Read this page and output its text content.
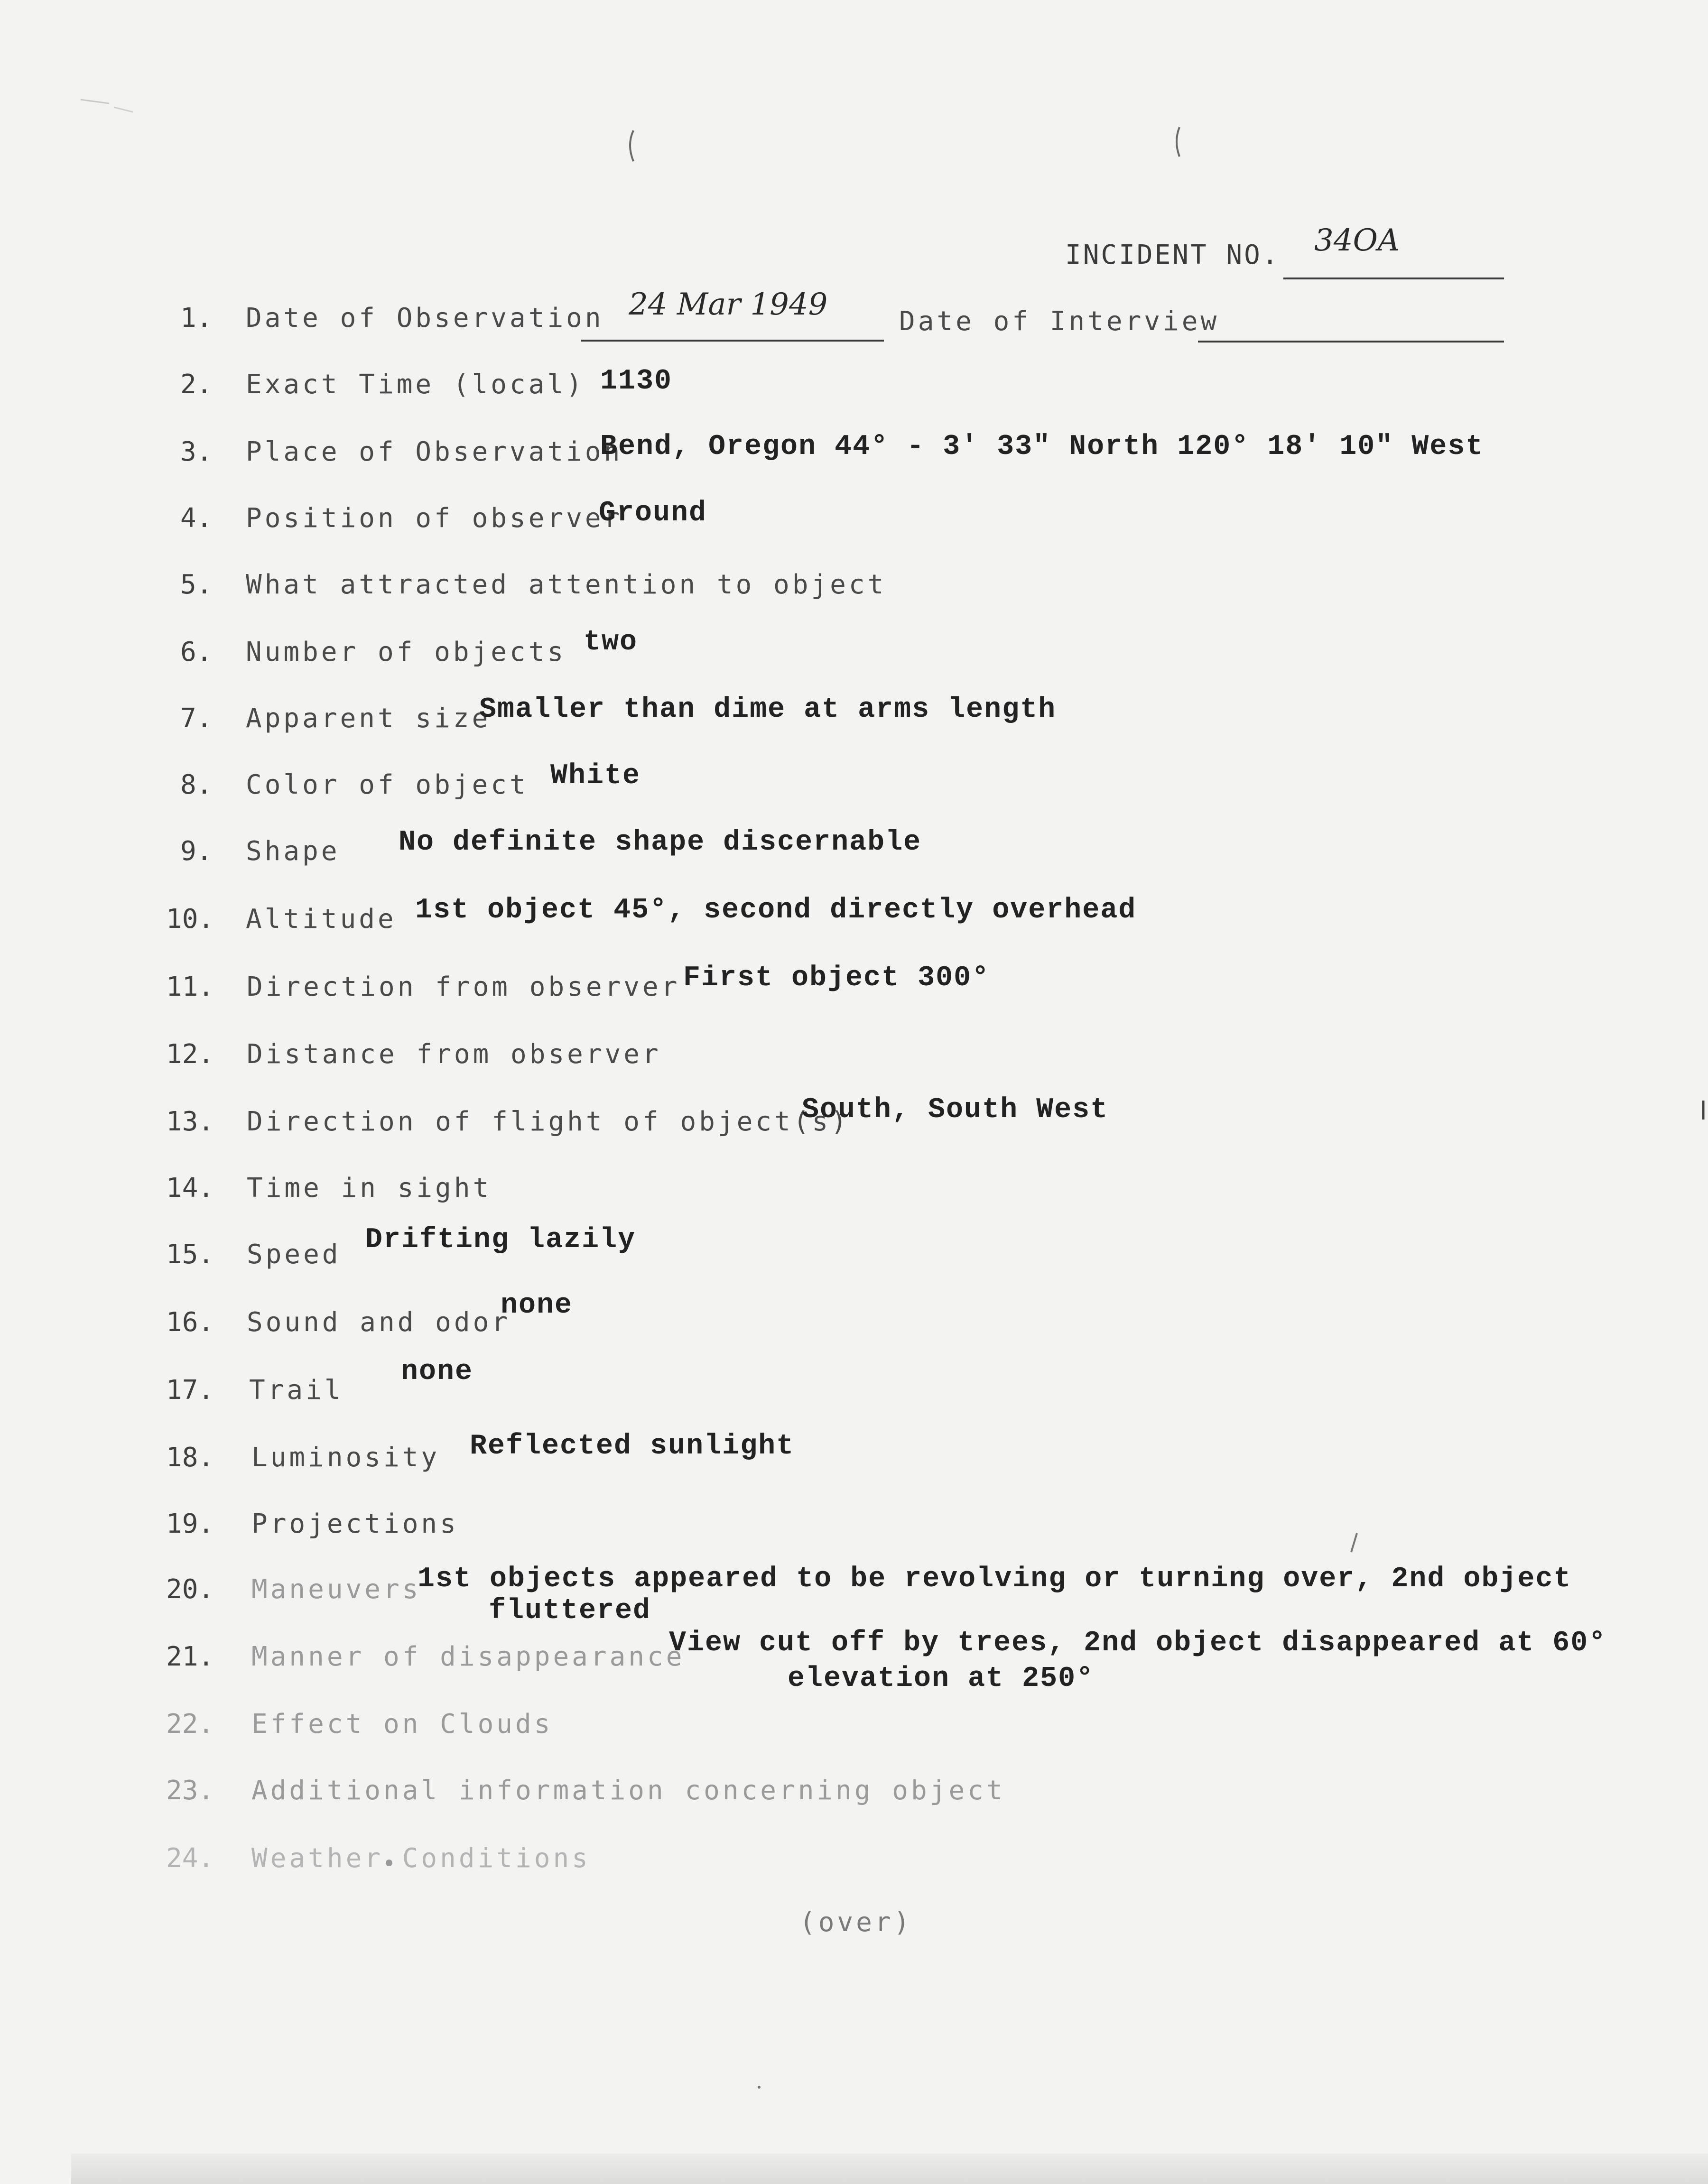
INCIDENT NO. 34OA
1. Date of Observation 24 Mar 1949	Date of Interview
2. Exact Time (local) 1130
3. Place of Observation
Bend, Oregon 44° - 3' 33" North 120° 18' 10" West
4. Position of observer
Ground
5. What attracted attention to object
6. Number of objects two
7. Apparent size
Smaller than dime at arms length
8. Color of object White
9. Shape No definite shape discernable
10. Altitude 1st object 45°, second directly overhead
11. Direction from observer First object 300°
12. Distance from observer
13. Direction of flight of object(s)
South, South West
14. Time in sight
15. Speed Drifting lazily
16. Sound and odor
none
17. Trail
none
18. Luminosity Reflected sunlight
19. Projections
20. Maneuvers
1st objects appeared to be revolving or turning over, 2nd object
fluttered
21. Manner of disappearance
View cut off by trees, 2nd object disappeared at 60°
elevation at 250°
22. Effect on Clouds
23. Additional information concerning object
24. Weather Conditions
(over)
